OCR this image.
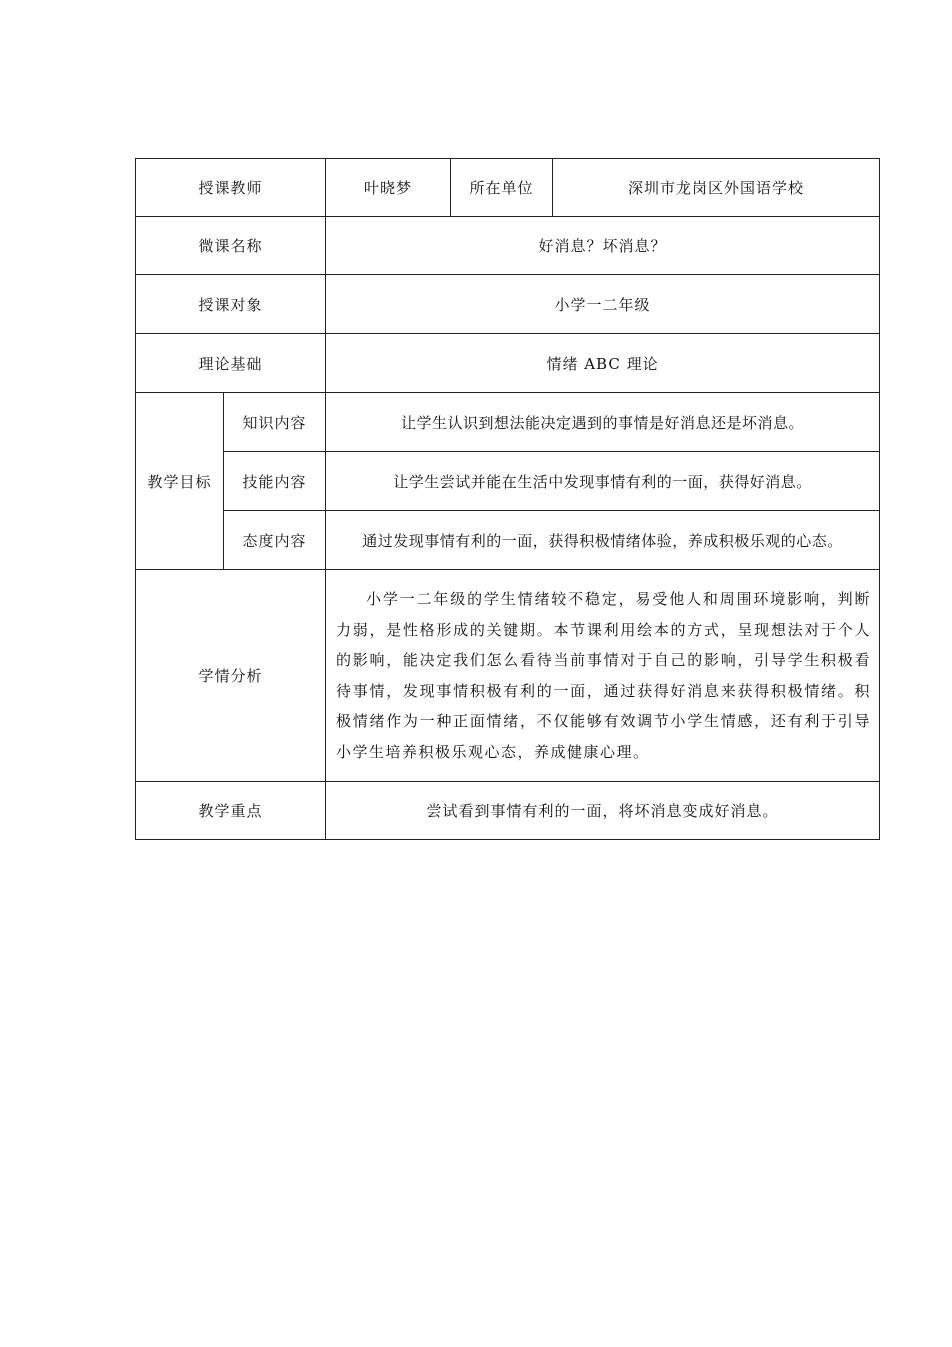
授课教师		叶晓梦	所在单位	深圳市龙岗区外国语学校
微课名称		好消息？坏消息？		
授课对象		小学一二年级		
理论基础		情绪 ABC 理论		
教学目标	知识内容	让学生认识到想法能决定遇到的事情是好消息还是坏消息。		
	技能内容	让学生尝试并能在生活中发现事情有利的一面，获得好消息。		
	态度内容	通过发现事情有利的一面，获得积极情绪体验，养成积极乐观的心态。		
学情分析		小学一二年级的学生情绪较不稳定，易受他人和周围环境影响，判断力弱，是性格形成的关键期。本节课利用绘本的方式，呈现想法对于个人的影响，能决定我们怎么看待当前事情对于自己的影响，引导学生积极看待事情，发现事情积极有利的一面，通过获得好消息来获得积极情绪。积极情绪作为一种正面情绪，不仅能够有效调节小学生情感，还有利于引导小学生培养积极乐观心态，养成健康心理。		

教学重点		尝试看到事情有利的一面，将坏消息变成好消息。		
